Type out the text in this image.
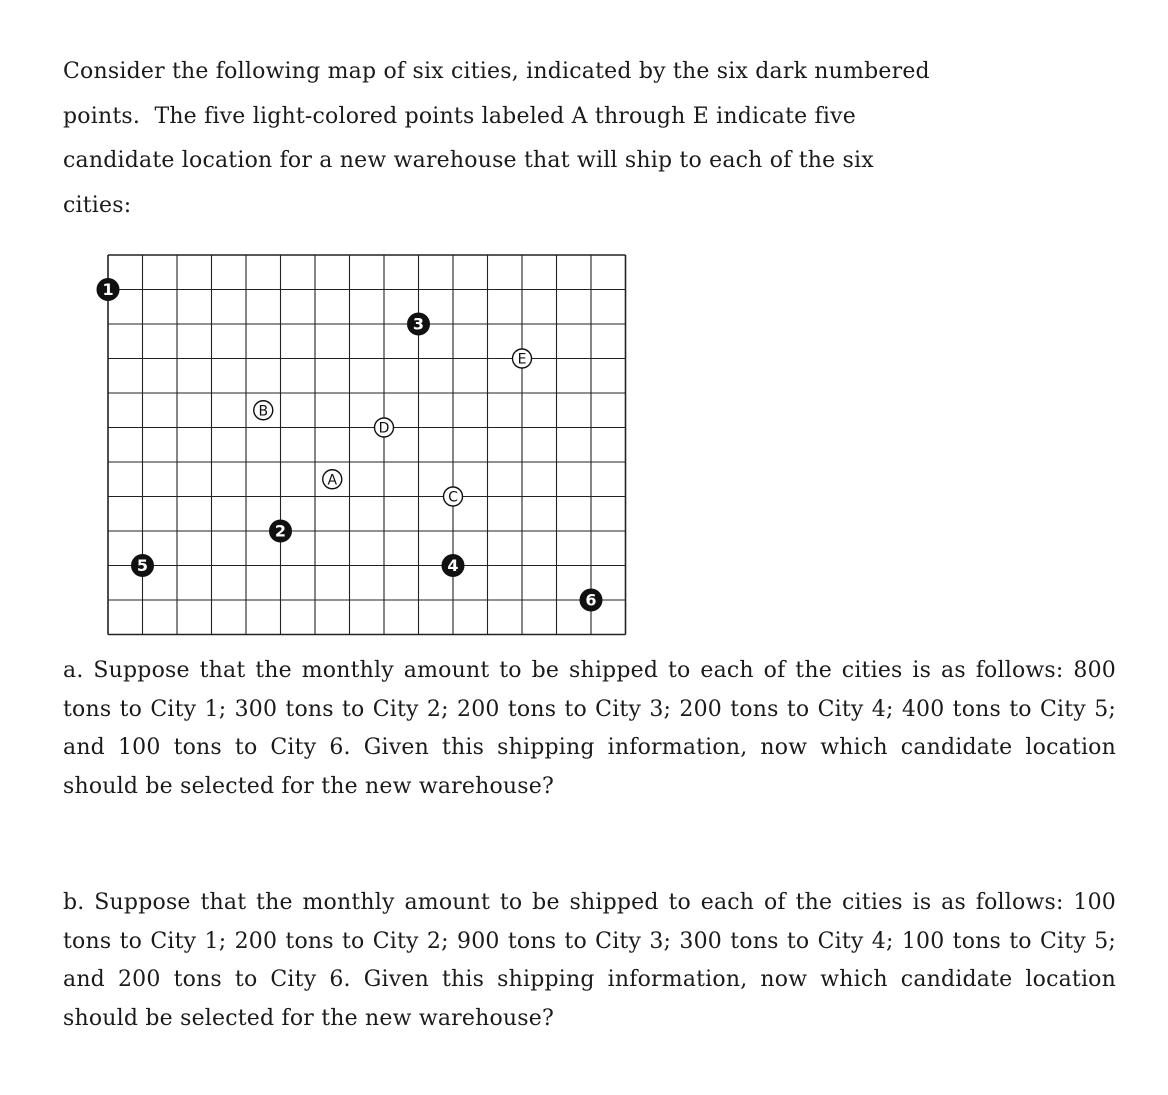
Consider the following map of six cities, indicated by the six dark numbered
points.  The five light-colored points labeled A through E indicate five
candidate location for a new warehouse that will ship to each of the six
cities:
A
B
C
D
E
1
2
3
4
5
6

a. Suppose that the monthly amount to be shipped to each of the cities is as follows: 800 tons to City 1; 300 tons to City 2; 200 tons to City 3; 200 tons to City 4; 400 tons to City 5; and 100 tons to City 6. Given this shipping information, now which candidate location should be selected for the new warehouse?

b. Suppose that the monthly amount to be shipped to each of the cities is as follows: 100 tons to City 1; 200 tons to City 2; 900 tons to City 3; 300 tons to City 4; 100 tons to City 5; and 200 tons to City 6. Given this shipping information, now which candidate location should be selected for the new warehouse?
